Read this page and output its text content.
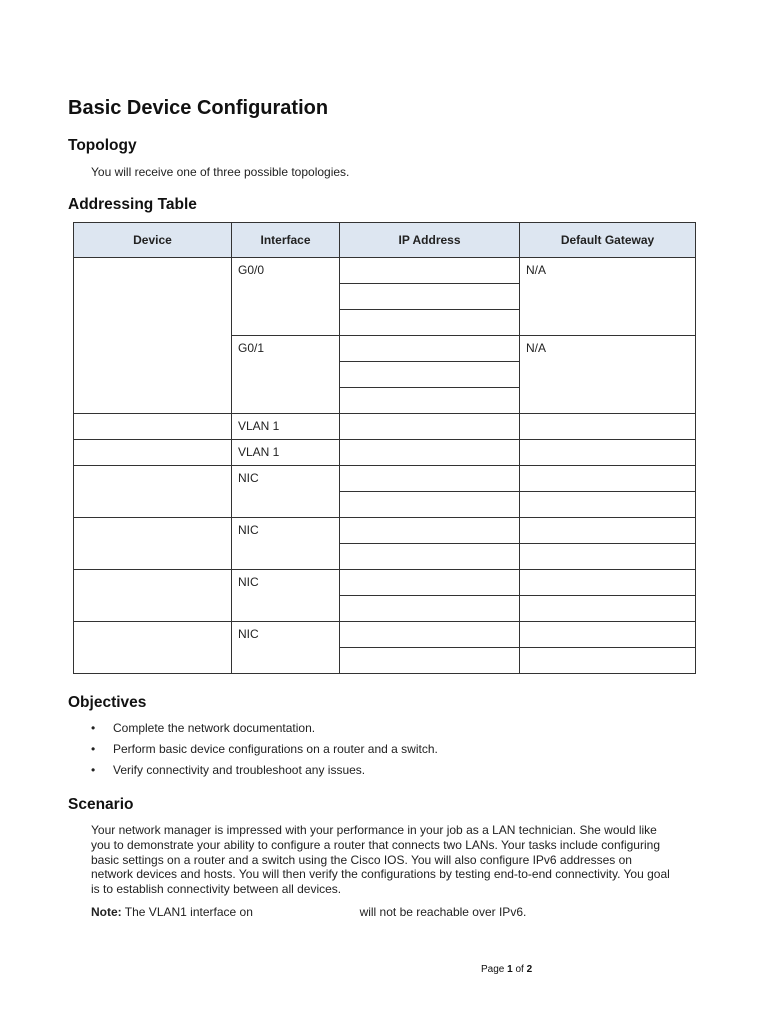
Basic Device Configuration
Topology
You will receive one of three possible topologies.
Addressing Table
Device	Interface	IP Address	Default Gateway
	G0/0		N/A

	G0/1		N/A

	VLAN 1		
	VLAN 1		
	NIC		

	NIC		

	NIC		

	NIC		

Objectives
• Complete the network documentation.
• Perform basic device configurations on a router and a switch.
• Verify connectivity and troubleshoot any issues.
Scenario
Your network manager is impressed with your performance in your job as a LAN technician. She would like
you to demonstrate your ability to configure a router that connects two LANs. Your tasks include configuring
basic settings on a router and a switch using the Cisco IOS. You will also configure IPv6 addresses on
network devices and hosts. You will then verify the configurations by testing end-to-end connectivity. You goal
is to establish connectivity between all devices.
Note: The VLAN1 interface on	will not be reachable over IPv6.
Page 1 of 2
